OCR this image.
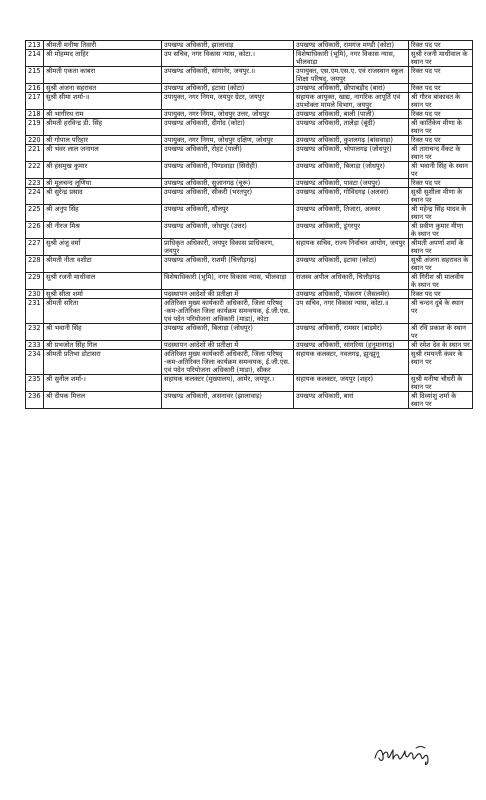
213	श्रीमती मनीषा तिवारी	उपखण्ड अधिकारी, झालावाड़	उपखण्ड अधिकारी, रामगंज मण्डी (कोटा)	रिक्त पद पर
214	श्री मोहम्मद ताहिर	उप सचिव, नगर विकास न्यास, कोटा.।	विशेषाधिकारी (भूमि), नगर विकास न्यास, भीलवाड़ा	सुश्री रजनी माधीवाल के स्थान पर
215	श्रीमती एकता काबरा	उपखण्ड अधिकारी, सांगानेर, जयपुर.॥	उपायुक्त, एस.एम.एस.ए. एवं राजस्थान स्कूल शिक्षा परिषद्, जयपुर	रिक्त पद पर
216	सुश्री अंजना सहरावत	उपखण्ड अधिकारी, इटावा (कोटा)	उपखण्ड अधिकारी, छीपाबड़ौद (बारां)	रिक्त पद पर
217	सुश्री सीमा शर्मा-॥	उपायुक्त, नगर निगम, जयपुर ग्रेटर, जयपुर	सहायक आयुक्त, खाद्य, नागरिक आपूर्ति एवं उपभोक्ता मामले विभाग, जयपुर	श्री गौरव बांकावत के स्थान पर
218	श्री भागीरथ राम	उपायुक्त, नगर निगम, जोधपुर उत्तर, जोधपुर	उपखण्ड अधिकारी, बाली (पाली)	रिक्त पद पर
219	श्रीमती हरविन्द्र डी. सिंह	उपखण्ड अधिकारी, दीगोद (कोटा)	उपखण्ड अधिकारी, तालेड़ा (बूंदी)	श्री कार्तिकेय मीणा के स्थान पर
220	श्री गोपाल परिहार	उपायुक्त, नगर निगम, जोधपुर दक्षिण, जोधपुर	उपखण्ड अधिकारी, कुशलगढ़ (बांसवाड़ा)	रिक्त पद पर
221	श्री भंवर लाल जनागल	उपखण्ड अधिकारी, रोहट (पाली)	उपखण्ड अधिकारी, भोपालगढ़ (जोधपुर)	श्री ताराचन्द वैंकट के स्थान पर
222	श्री हंसमुख कुमार	उपखण्ड अधिकारी, पिण्डवाड़ा (सिरोही)	उपखण्ड अधिकारी, बिलाड़ा (जोधपुर)	श्री भवानी सिंह के स्थान पर
223	श्री मूलचन्द लूणिया	उपखण्ड अधिकारी, सुजानगढ़ (चूरू)	उपखण्ड अधिकारी, पावटा (जयपुर)	रिक्त पद पर
224	श्री सुरेन्द्र प्रसाद	उपखण्ड अधिकारी, सीकरी (भरतपुर)	उपखण्ड अधिकारी, गोविंदगढ़ (अलवर)	सुश्री सुशीला मीणा के स्थान पर
225	श्री अनुप सिंह	उपखण्ड अधिकारी, धौलपुर	उपखण्ड अधिकारी, तिजारा, अलवर	श्री महेन्द्र सिंह यादव के स्थान पर
226	श्री नीरज मिश्र	उपखण्ड अधिकारी, जोधपुर (उत्तर)	उपखण्ड अधिकारी, डूंगरपुर	श्री प्रवीण कुमार मीणा के स्थान पर
227	सुश्री अंजु वर्मा	प्राधिकृत अधिकारी, जयपुर विकास प्राधिकरण, जयपुर	सहायक सचिव, राज्य निर्वाचन आयोग, जयपुर	श्रीमती अपर्णा शर्मा के स्थान पर
228	श्रीमती नीता वशीटा	उपखण्ड अधिकारी, राशमी (चित्तौड़गढ़)	उपखण्ड अधिकारी, इटावा (कोटा)	सुश्री अंजना सहरावत के स्थान पर
229	सुश्री रजनी माधीवाल	विशेषाधिकारी (भूमि), नगर विकास न्यास, भीलवाड़ा	राजस्व अपील अधिकारी, चित्तौड़गढ़	श्री गिरीश श्री मालवीय के स्थान पर
230	सुश्री सीता शर्मा	पदस्थापन आदेशों की प्रतीक्षा में	उपखण्ड अधिकारी, पोकरण (जैसलमेर)	रिक्त पद पर
231	श्रीमती सरिता	अतिरिक्त मुख्य कार्यकारी अधिकारी, जिला परिषद् -कम-अतिरिक्त जिला कार्यक्रम समन्वयक, ई.जी.एस. एवं पदेन परियोजना अधिकारी (माडा), कोटा	उप सचिव, नगर विकास न्यास, कोटा.॥	श्री चन्दन दुबे के स्थान पर
232	श्री भवानी सिंह	उपखण्ड अधिकारी, बिलाड़ा (जोधपुर)	उपखण्ड अधिकारी, रामसर (बाड़मेर)	श्री रवि प्रकाश के स्थान पर
233	श्री प्रभजोत सिंह गिल	पदस्थापन आदेशों की प्रतीक्षा में	उपखण्ड अधिकारी, सांगरिया (हनुमानगढ़)	श्री रमेश देव के स्थान पर
234	श्रीमती प्रतिभा डोटासरा	अतिरिक्त मुख्य कार्यकारी अधिकारी, जिला परिषद् -कम-अतिरिक्त जिला कार्यक्रम समन्वयक, ई.जी.एस. एवं पदेन परियोजना अधिकारी (माडा), सीकर	सहायक कलक्टर, नवलगढ़, झुन्झुनू	सुश्री रमयन्ती कंवर के स्थान पर
235	श्री सुनील शर्मा-।	सहायक कलक्टर (मुख्यालय), आमेर, जयपुर.।	सहायक कलक्टर, जयपुर (शहर)	सुश्री मनीषा चौधरी के स्थान पर
236	श्री दीपक मित्तल	उपखण्ड अधिकारी, असनावर (झालावाड़)	उपखण्ड अधिकारी, बारां	श्री दिव्यांशु शर्मा के स्थान पर
